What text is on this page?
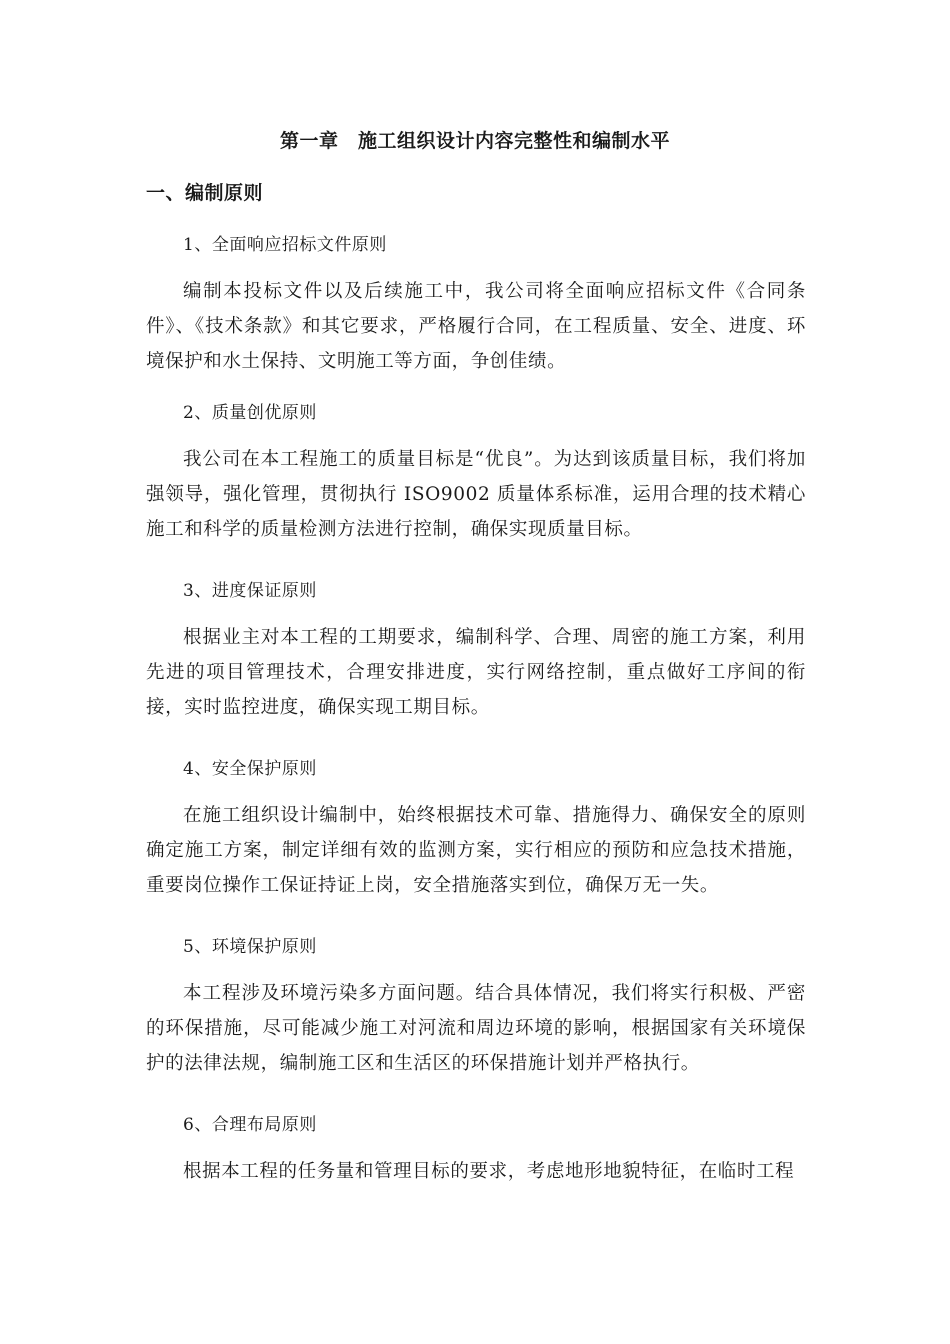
第一章　施工组织设计内容完整性和编制水平
一、编制原则
1、全面响应招标文件原则
编制本投标文件以及后续施工中，我公司将全面响应招标文件《合同条件》、《技术条款》和其它要求，严格履行合同，在工程质量、安全、进度、环境保护和水土保持、文明施工等方面，争创佳绩。
2、质量创优原则
我公司在本工程施工的质量目标是“优良”。为达到该质量目标，我们将加强领导，强化管理，贯彻执行 ISO9002 质量体系标准，运用合理的技术精心施工和科学的质量检测方法进行控制，确保实现质量目标。
3、进度保证原则
根据业主对本工程的工期要求，编制科学、合理、周密的施工方案，利用先进的项目管理技术，合理安排进度，实行网络控制，重点做好工序间的衔接，实时监控进度，确保实现工期目标。
4、安全保护原则
在施工组织设计编制中，始终根据技术可靠、措施得力、确保安全的原则确定施工方案，制定详细有效的监测方案，实行相应的预防和应急技术措施，重要岗位操作工保证持证上岗，安全措施落实到位，确保万无一失。
5、环境保护原则
本工程涉及环境污染多方面问题。结合具体情况，我们将实行积极、严密的环保措施，尽可能减少施工对河流和周边环境的影响，根据国家有关环境保护的法律法规，编制施工区和生活区的环保措施计划并严格执行。
6、合理布局原则
根据本工程的任务量和管理目标的要求，考虑地形地貌特征，在临时工程
